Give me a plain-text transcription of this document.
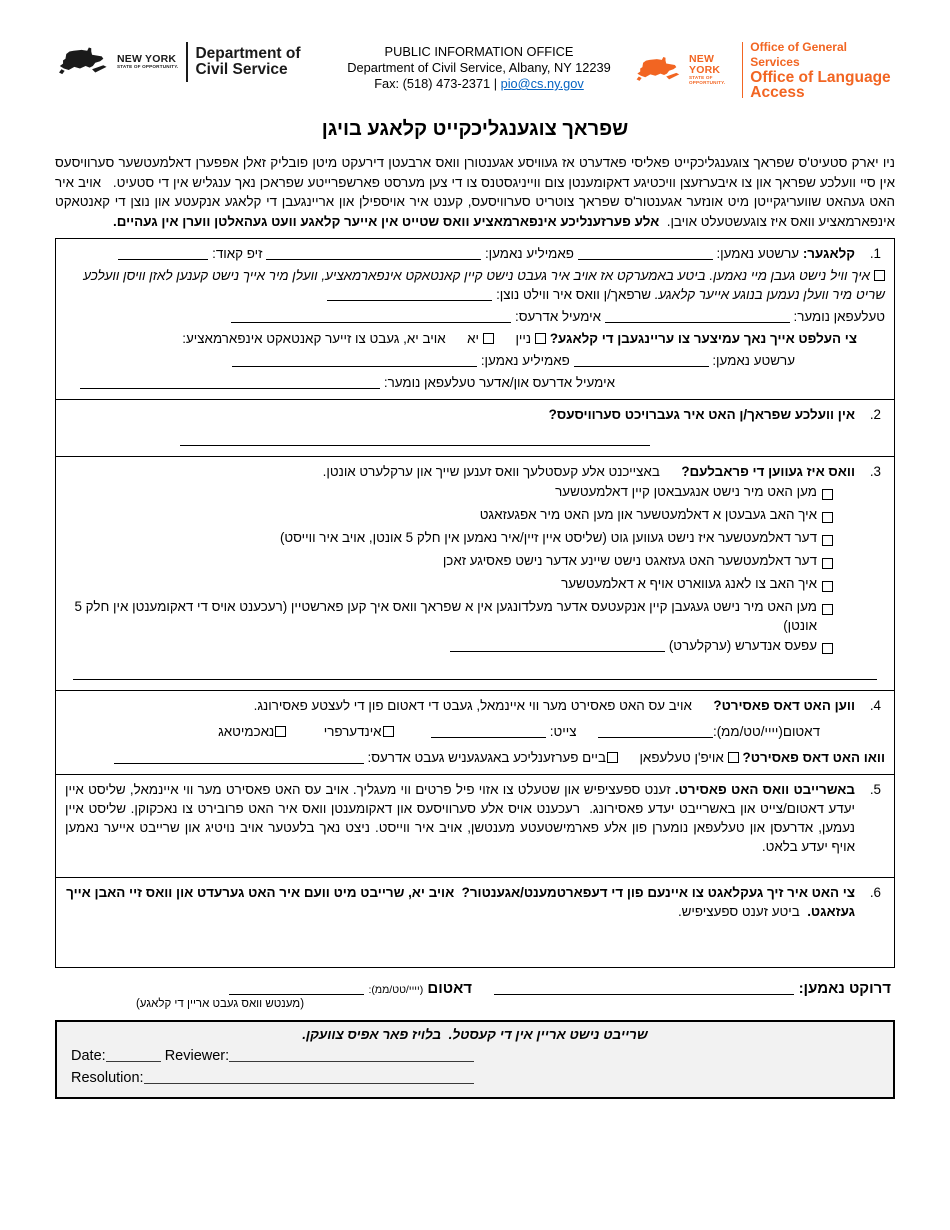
NEW YORK
STATE OF OPPORTUNITY.
Department of
Civil Service
PUBLIC INFORMATION OFFICE
Department of Civil Service, Albany, NY 12239
Fax: (518) 473-2371 | pio@cs.ny.gov
NEW YORK
STATE OF OPPORTUNITY.
Office of General Services
Office of Language Access
שפראך צוגענגליכקייט קלאגע בויגן
ניו יארק סטעיט'ס שפראך צוגענגליכקייט פאליסי פאדערט אז געוויסע אגענטורן וואס ארבעטן דירעקט מיטן פובליק זאלן אפפערן דאלמעטשער סערוויסעס אין סיי וועלכע שפראך און צו איבערזעצן וויכטיגע דאקומענטן צום ווייניגסטנס צו די צען מערסט פארשפרייטע שפראכן נאך ענגליש אין די סטעיט.   אויב איר האט געהאט שוועריגקייטן מיט אונזער אגענטור'ס שפראך צוטריט סערוויסעס, קענט איר אויספילן און אריינגעבן די קלאגע אנקעטע און נוצן די קאנטאקט אינפארמאציע וואס איז צוגעשטעלט אויבן.  אלע פערזענליכע אינפארמאציע וואס שטייט אין אייער קלאגע וועט געהאלטן ווערן אין געהיים.
1.
קלאגער: ערשטע נאמען:  פאמיליע נאמען:  זיפ קאוד:
איך וויל נישט געבן מיי נאמען. ביטע באמערקט אז אויב איר געבט נישט קיין קאנטאקט אינפארמאציע, וועלן מיר אייך נישט קענען לאזן וויסן וועלכע שריט מיר וועלן נעמען בנוגע אייער קלאגע. שרפאך/ן וואס איר ווילט נוצן:
טעלעפאן נומער:  אימעיל אדרעס:
צי העלפט אייך נאך עמיצער צו עריינגעבן די קלאגע? ניין  יא  אויב יא, געבט צו זייער קאנטאקט אינפארמאציע:
ערשטע נאמען:  פאמיליע נאמען:
אימעיל אדרעס און/אדער טעלעפאן נומער:
2.
אין וועלכע שפראך/ן האט איר געברויכט סערוויסעס?
3.
וואס איז געווען די פראבלעם?  באצייכנט אלע קעסטלעך וואס זענען שייך און ערקלערט אונטן.
מען האט מיר נישט אנגעבאטן קיין דאלמעטשער
איך האב געבעטן א דאלמעטשער און מען האט מיר אפגעזאגט
דער דאלמעטשער איז נישט געווען גוט (שליסט איין זיין/איר נאמען אין חלק 5 אונטן, אויב איר ווייסט)
דער דאלמעטשער האט געזאגט נישט שיינע אדער נישט פאסיגע זאכן
איך האב צו לאנג געווארט אויף א דאלמעטשער
מען האט מיר נישט געגעבן קיין אנקעטעס אדער מעלדונגען אין א שפראך וואס איך קען פארשטיין (רעכענט אויס די דאקומענטן אין חלק 5 אונטן)
עפעס אנדערש (ערקלערט)
4.
ווען האט דאס פאסירט?  אויב עס האט פאסירט מער ווי איינמאל, געבט די דאטום פון די לעצטע פאסירונג.
דאטום(יייי/טט/ממ):  צייט:   אינדערפרי  נאכמיטאג
וואו האט דאס פאסירט? אויפ'ן טעלעפאן  ביים פערזענליכע באגעגעניש געבט אדרעס:
5.
באשרייבט וואס האט פאסירט. זענט ספעציפיש און שטעלט צו אזוי פיל פרטים ווי מעגליך. אויב עס האט פאסירט מער ווי איינמאל, שליסט איין יעדע דאטום/צייט און באשרייבט יעדע פאסירונג.  רעכענט אויס אלע סערוויסעס און דאקומענטן וואס איר האט פרובירט צו נאכקוקן. שליסט איין נעמען, אדרעסן און טעלעפאן נומערן פון אלע פארמישטעטע מענטשן, אויב איר ווייסט. ניצט נאך בלעטער אויב נויטיג און שרייבט אייער נאמען אויף יעדע בלאט.
6.
צי האט איר זיך געקלאגט צו איינעם פון די דעפארטמענט/אגענטור?  אויב יא, שרייבט מיט וועם איר האט גערעדט און וואס זיי האבן אייך געזאגט.  ביטע זענט ספעציפיש.
דרוקט נאמען:   דאטום (יייי/טט/ממ):
(מענטש וואס געבט אריין די קלאגע)
שרייבט נישט אריין אין די קעסטל.  בלויז פאר אפיס צוועקן.
Date:	Reviewer:
Resolution:
